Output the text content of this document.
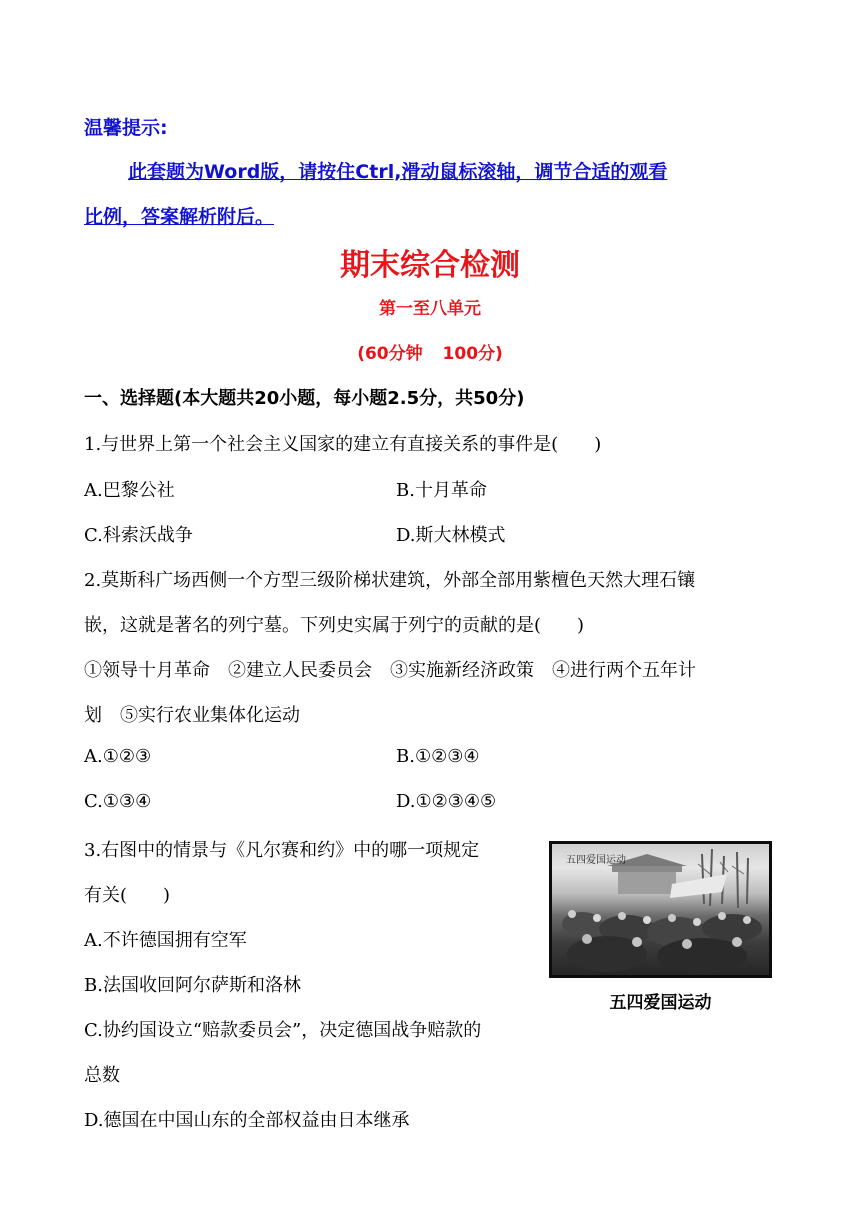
温馨提示:
此套题为Word版，请按住Ctrl,滑动鼠标滚轴，调节合适的观看
比例，答案解析附后。
期末综合检测
第一至八单元
(60分钟 100分)
一、选择题(本大题共20小题，每小题2.5分，共50分)
1.与世界上第一个社会主义国家的建立有直接关系的事件是(　　)
A.巴黎公社	B.十月革命
C.科索沃战争	D.斯大林模式
2.莫斯科广场西侧一个方型三级阶梯状建筑，外部全部用紫檀色天然大理石镶
嵌，这就是著名的列宁墓。下列史实属于列宁的贡献的是(　　)
①领导十月革命　②建立人民委员会　③实施新经济政策　④进行两个五年计
划　⑤实行农业集体化运动
A.①②③	B.①②③④
C.①③④	D.①②③④⑤
3.右图中的情景与《凡尔赛和约》中的哪一项规定
有关(　　)
A.不许德国拥有空军
B.法国收回阿尔萨斯和洛林
C.协约国设立“赔款委员会”，决定德国战争赔款的
总数
D.德国在中国山东的全部权益由日本继承
五四爱国运动
五四爱国运动
